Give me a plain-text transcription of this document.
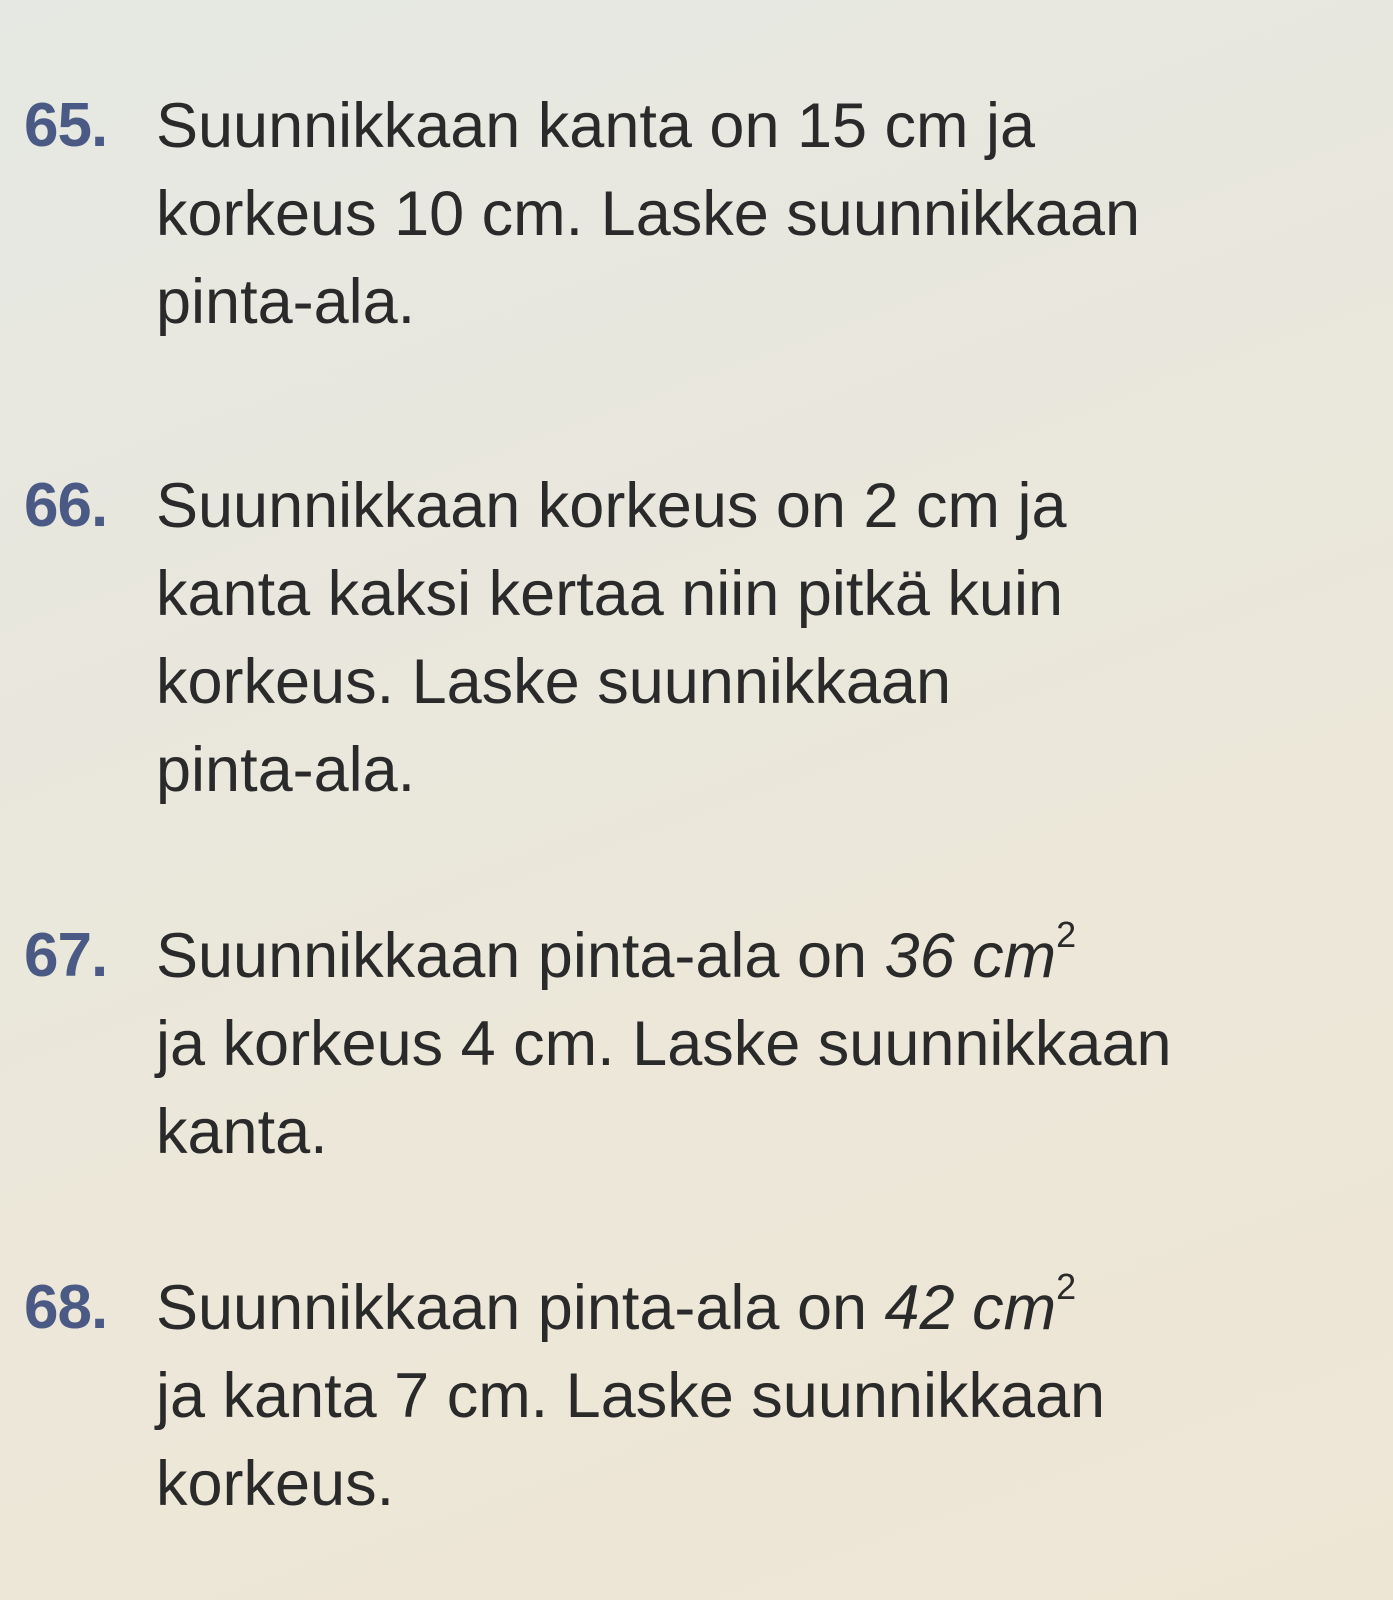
65. Suunnikkaan kanta on 15 cm ja
korkeus 10 cm. Laske suunnikkaan
pinta-ala.
66. Suunnikkaan korkeus on 2 cm ja
kanta kaksi kertaa niin pitkä kuin
korkeus. Laske suunnikkaan
pinta-ala.
67. Suunnikkaan pinta-ala on 36 $cm^2$
ja korkeus 4 cm. Laske suunnikkaan
kanta.
68. Suunnikkaan pinta-ala on 42 $cm^2$
ja kanta 7 cm. Laske suunnikkaan
korkeus.
